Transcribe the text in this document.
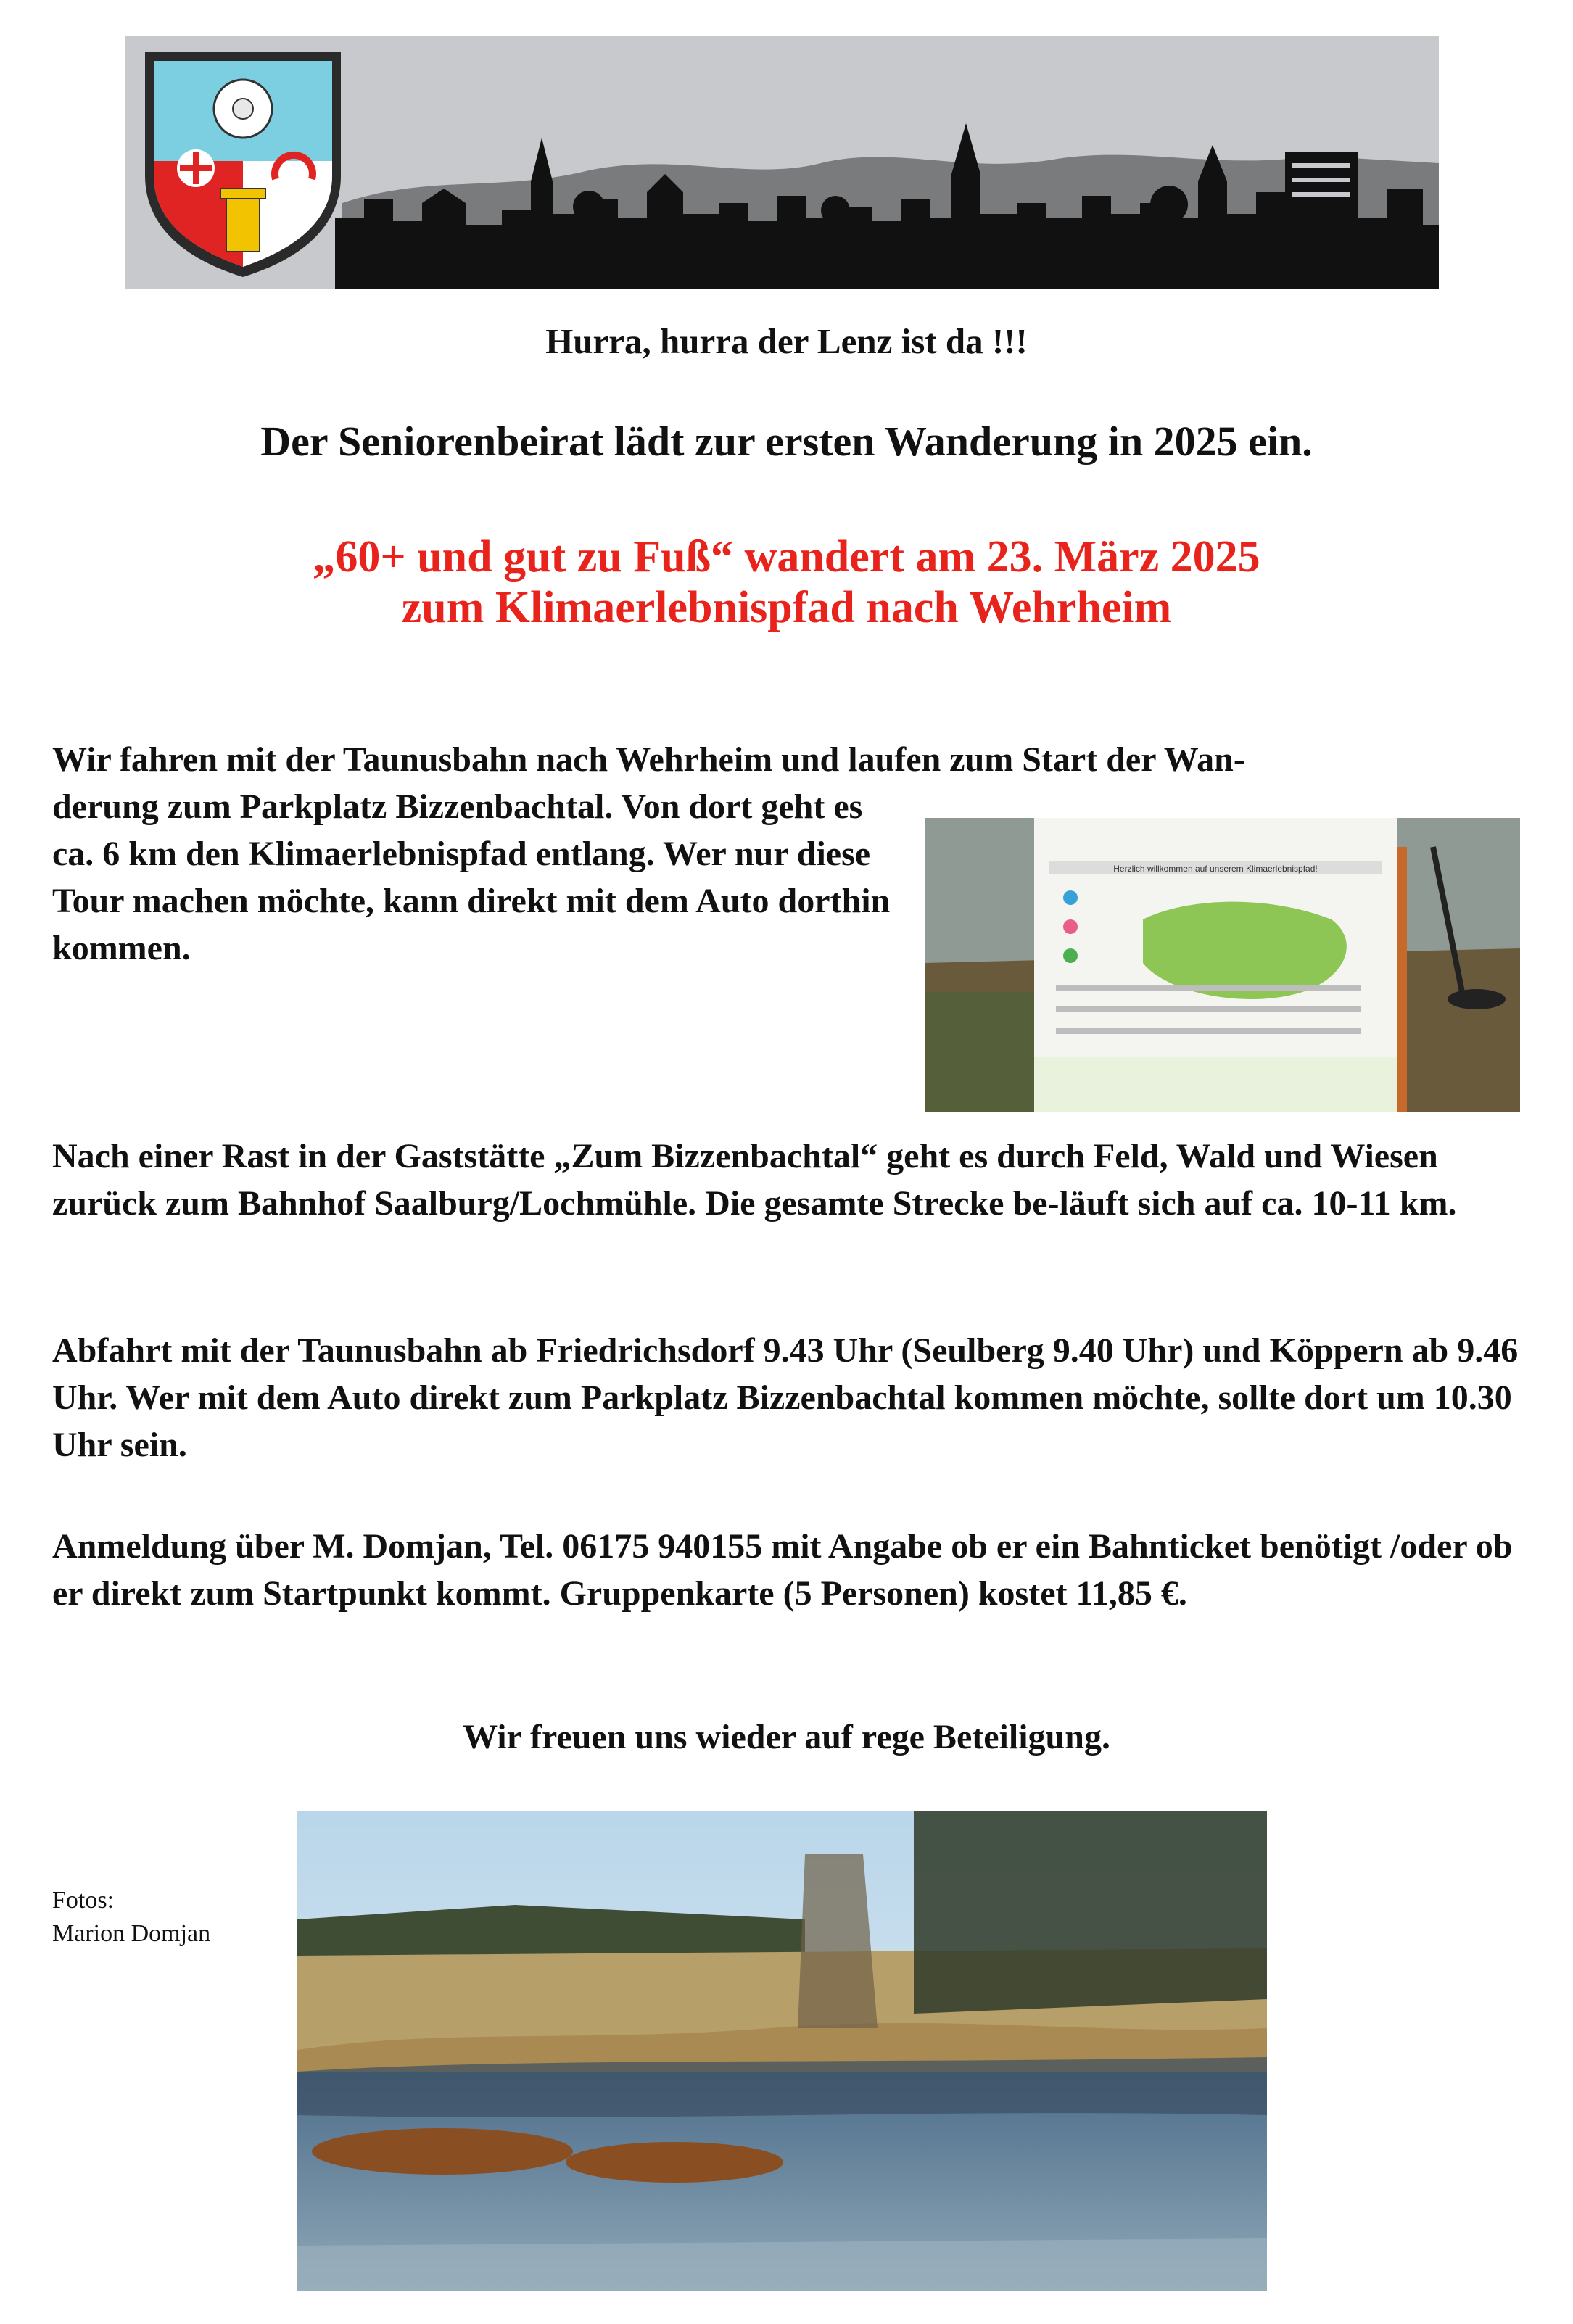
Hurra, hurra der Lenz ist da !!!
Der Seniorenbeirat lädt zur ersten Wanderung in 2025 ein.
„60+ und gut zu Fuß“ wandert am 23. März 2025
zum Klimaerlebnispfad nach Wehrheim
Wir fahren mit der Taunusbahn nach Wehrheim und laufen zum Start der Wan-
derung zum Parkplatz Bizzenbachtal. Von dort geht es ca. 6 km den Klimaerlebnispfad entlang. Wer nur diese Tour machen möchte, kann direkt mit dem Auto dorthin kommen.
Herzlich willkommen auf unserem Klimaerlebnispfad!
Nach einer Rast in der Gaststätte „Zum Bizzenbachtal“ geht es durch Feld, Wald und Wiesen zurück zum Bahnhof Saalburg/Lochmühle. Die gesamte Strecke be-läuft sich auf ca. 10-11 km.
Abfahrt mit der Taunusbahn ab Friedrichsdorf 9.43 Uhr (Seulberg 9.40 Uhr) und Köppern ab 9.46 Uhr. Wer mit dem Auto direkt zum Parkplatz Bizzenbachtal kommen möchte, sollte dort um 10.30 Uhr sein.
Anmeldung über M. Domjan, Tel. 06175 940155 mit Angabe ob er ein Bahnticket benötigt /oder ob er direkt zum Startpunkt kommt. Gruppenkarte (5 Personen) kostet 11,85 €.
Wir freuen uns wieder auf rege Beteiligung.
Fotos:
Marion Domjan
